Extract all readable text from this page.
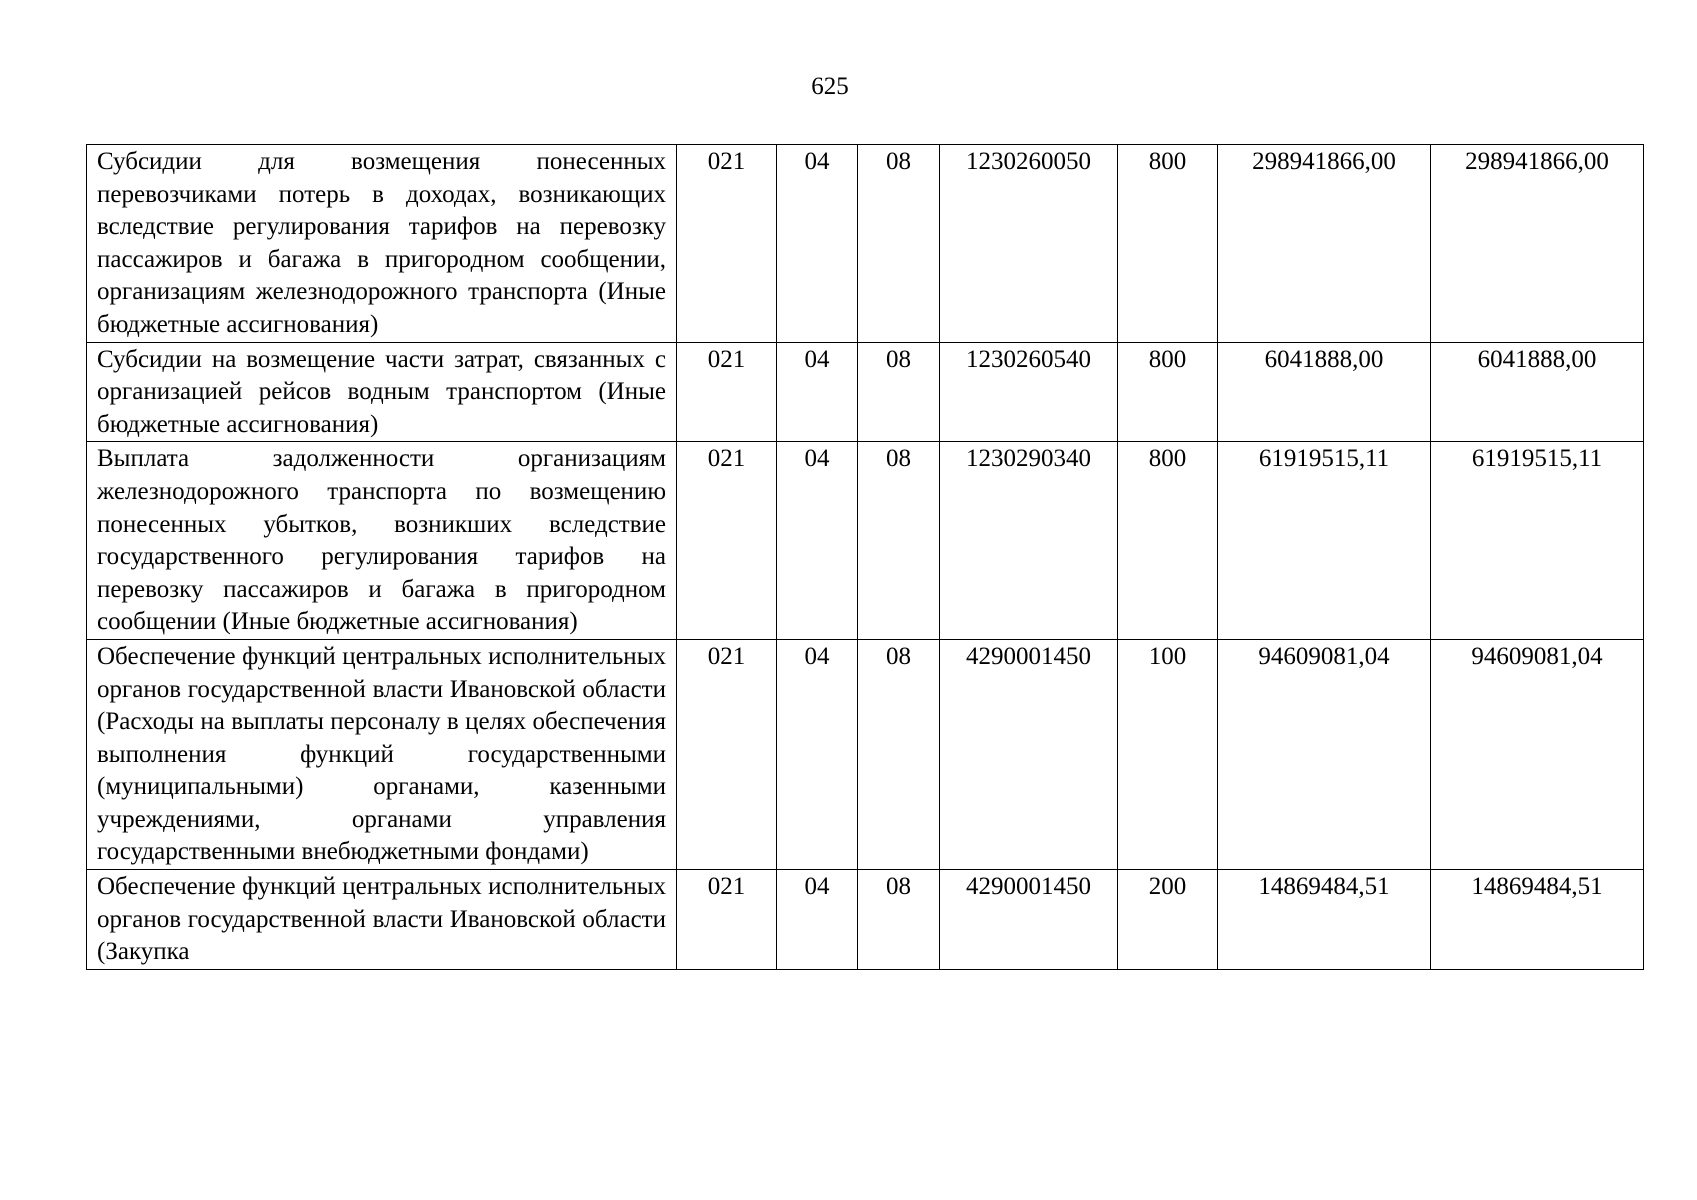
625
Субсидии для возмещения понесенных перевозчиками потерь в доходах, возникающих вследствие регулирования тарифов на перевозку пассажиров и багажа в пригородном сообщении, организациям железнодорожного транспорта (Иные бюджетные ассигнования)	021	04	08	1230260050	800	298941866,00	298941866,00
Субсидии на возмещение части затрат, связанных с организацией рейсов водным транспортом (Иные бюджетные ассигнования)	021	04	08	1230260540	800	6041888,00	6041888,00
Выплата задолженности организациям железнодорожного транспорта по возмещению понесенных убытков, возникших вследствие государственного регулирования тарифов на перевозку пассажиров и багажа в пригородном сообщении (Иные бюджетные ассигнования)	021	04	08	1230290340	800	61919515,11	61919515,11
Обеспечение функций центральных исполнительных органов государственной власти Ивановской области (Расходы на выплаты персоналу в целях обеспечения выполнения функций государственными (муниципальными) органами, казенными учреждениями, органами управления государственными внебюджетными фондами)	021	04	08	4290001450	100	94609081,04	94609081,04
Обеспечение функций центральных исполнительных органов государственной власти Ивановской области (Закупка	021	04	08	4290001450	200	14869484,51	14869484,51
